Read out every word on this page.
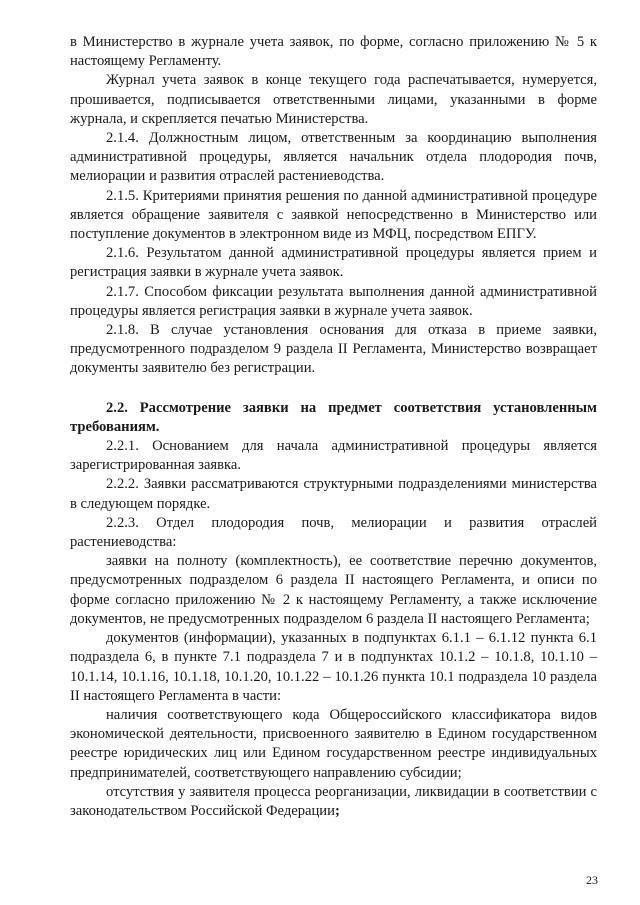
в Министерство в журнале учета заявок, по форме, согласно приложению № 5 к настоящему Регламенту.

Журнал учета заявок в конце текущего года распечатывается, нумеруется, прошивается, подписывается ответственными лицами, указанными в форме журнала, и скрепляется печатью Министерства.

2.1.4. Должностным лицом, ответственным за координацию выполнения административной процедуры, является начальник отдела плодородия почв, мелиорации и развития отраслей растениеводства.

2.1.5. Критериями принятия решения по данной административной процедуре является обращение заявителя с заявкой непосредственно в Министерство или поступление документов в электронном виде из МФЦ, посредством ЕПГУ.

2.1.6. Результатом данной административной процедуры является прием и регистрация заявки в журнале учета заявок.

2.1.7. Способом фиксации результата выполнения данной административной процедуры является регистрация заявки в журнале учета заявок.

2.1.8. В случае установления основания для отказа в приеме заявки, предусмотренного подразделом 9 раздела II Регламента, Министерство возвращает документы заявителю без регистрации.

2.2. Рассмотрение заявки на предмет соответствия установленным требованиям.

2.2.1. Основанием для начала административной процедуры является зарегистрированная заявка.

2.2.2. Заявки рассматриваются структурными подразделениями министерства в следующем порядке.

2.2.3. Отдел плодородия почв, мелиорации и развития отраслей растениеводства:

заявки на полноту (комплектность), ее соответствие перечню документов, предусмотренных подразделом 6 раздела II настоящего Регламента, и описи по форме согласно приложению № 2 к настоящему Регламенту, а также исключение документов, не предусмотренных подразделом 6 раздела II настоящего Регламента;

документов (информации), указанных в подпунктах 6.1.1 – 6.1.12 пункта 6.1 подраздела 6, в пункте 7.1 подраздела 7 и в подпунктах 10.1.2 – 10.1.8, 10.1.10 – 10.1.14, 10.1.16, 10.1.18, 10.1.20, 10.1.22 – 10.1.26 пункта 10.1 подраздела 10 раздела II настоящего Регламента в части:

наличия соответствующего кода Общероссийского классификатора видов экономической деятельности, присвоенного заявителю в Едином государственном реестре юридических лиц или Едином государственном реестре индивидуальных предпринимателей, соответствующего направлению субсидии;

отсутствия у заявителя процесса реорганизации, ликвидации в соответствии с законодательством Российской Федерации;

23
